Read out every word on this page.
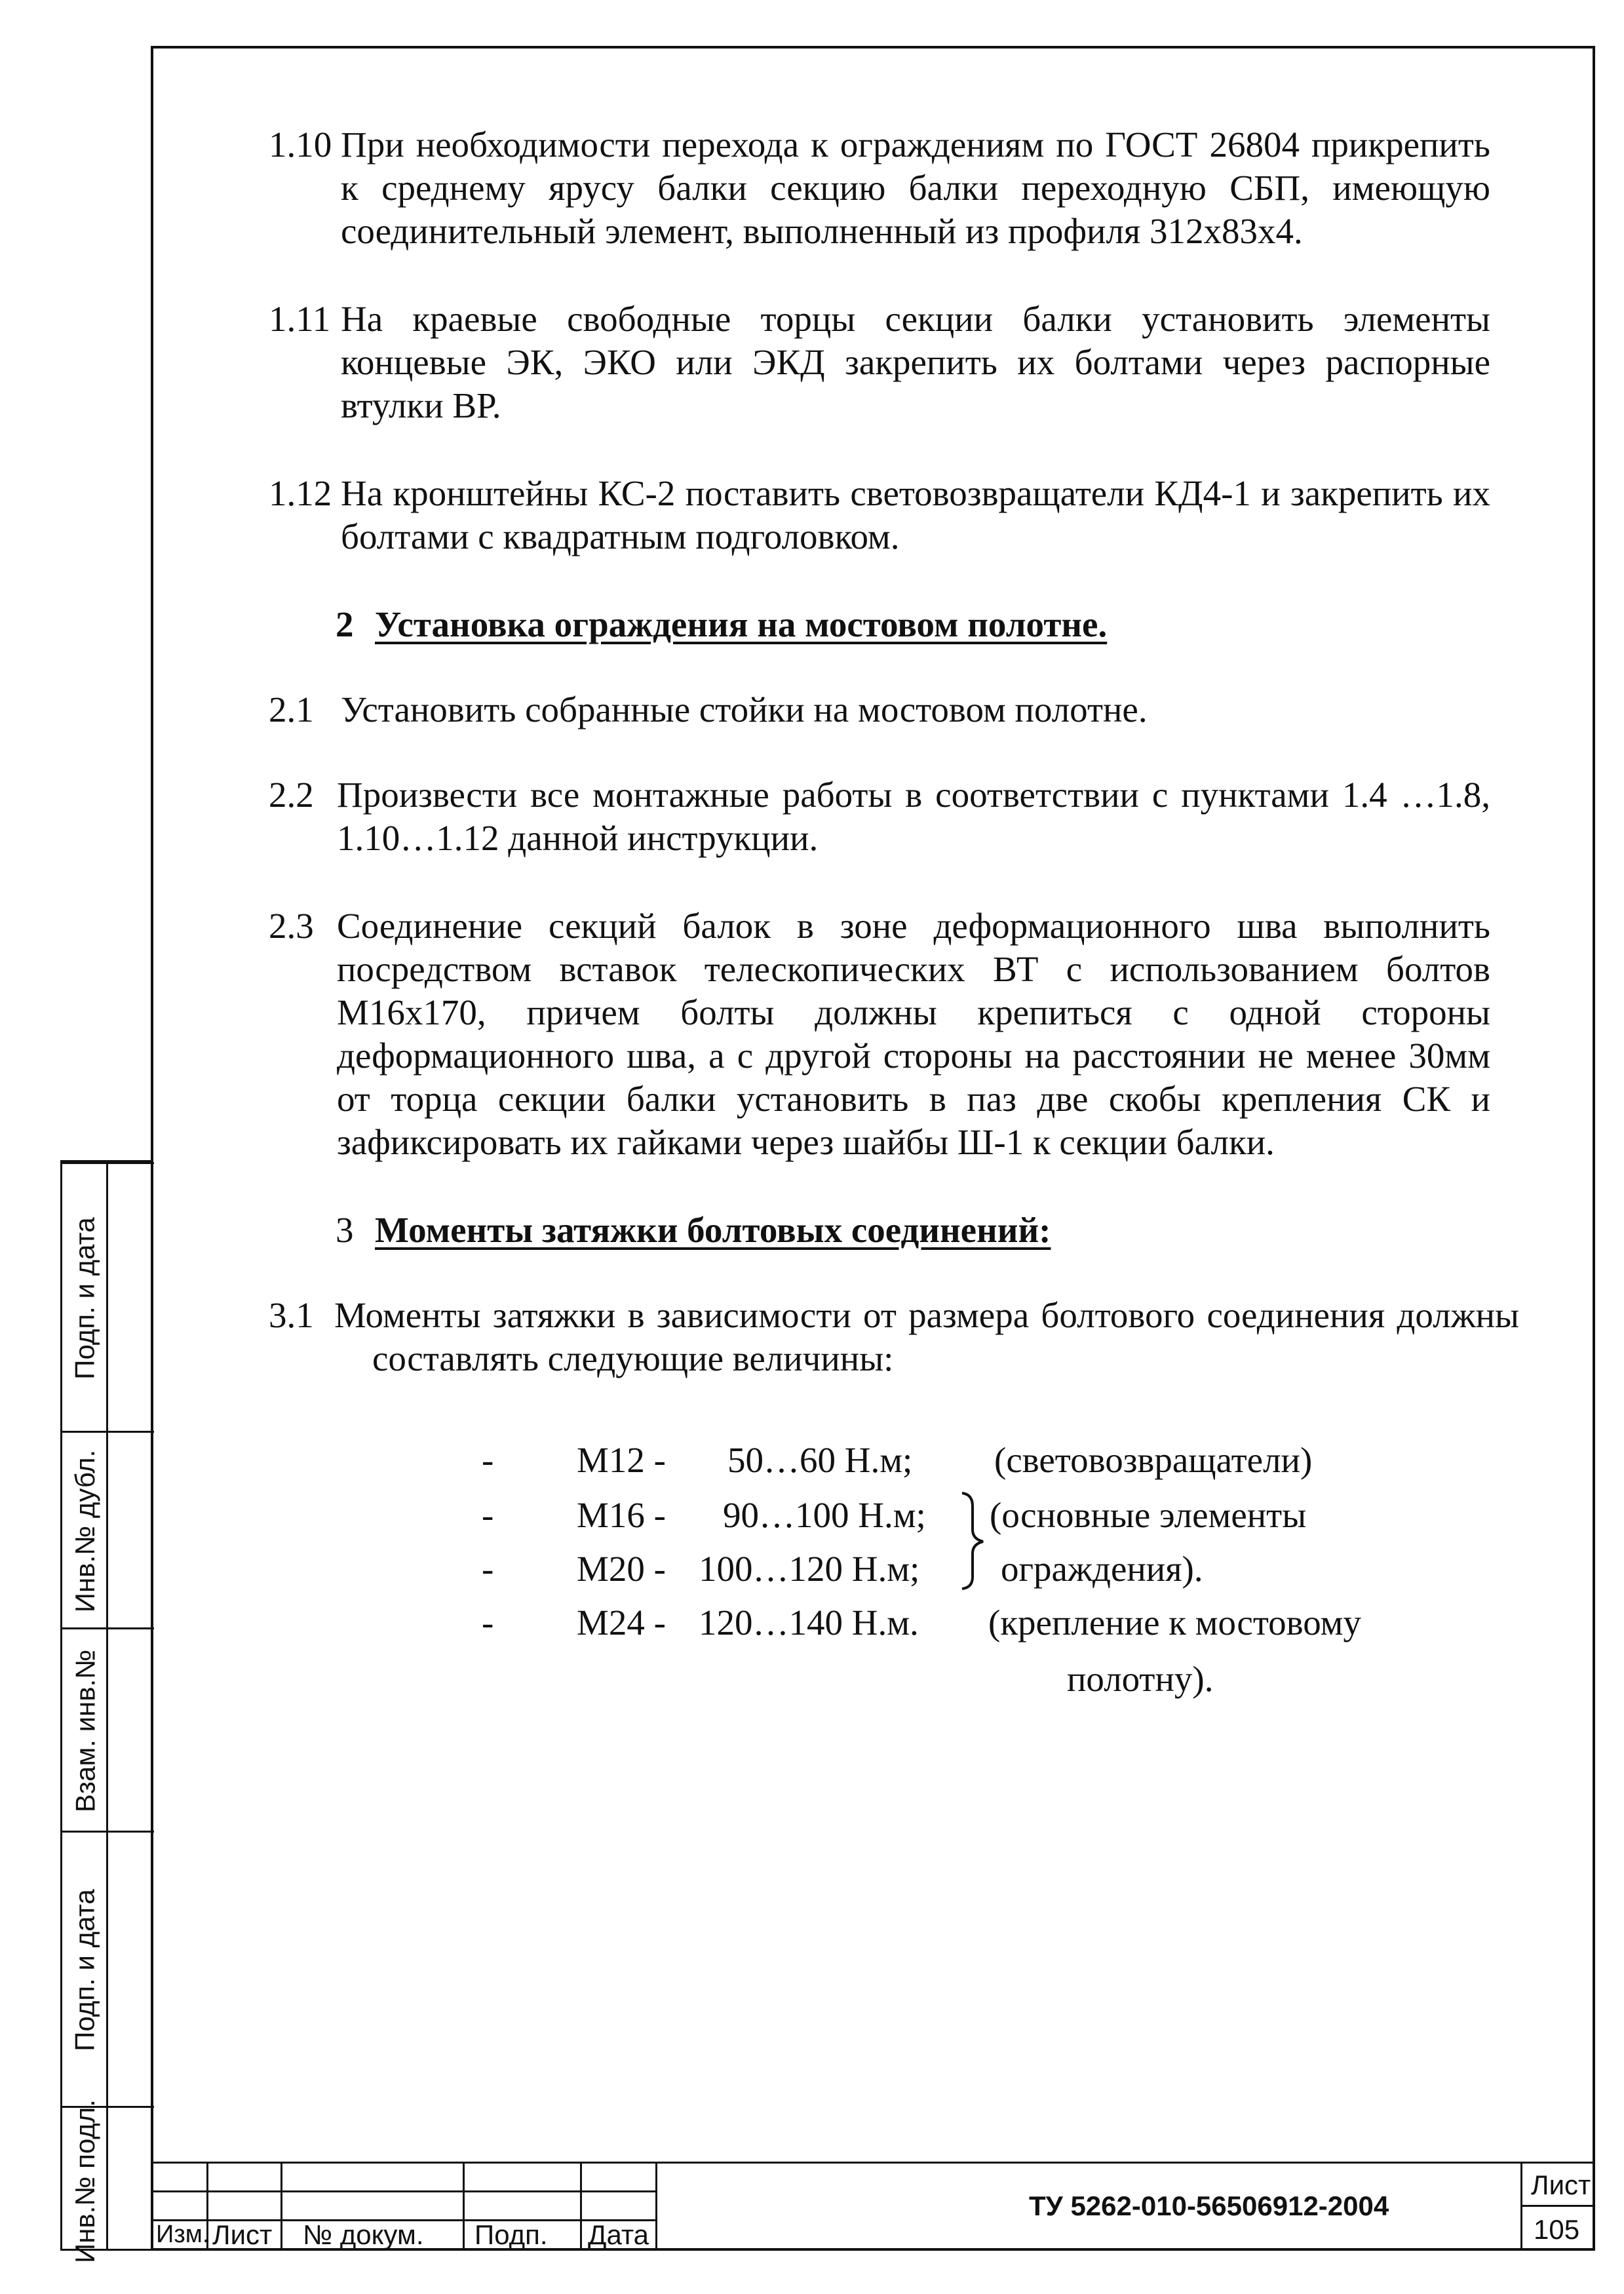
1.10 При необходимости перехода к ограждениям по ГОСТ 26804 прикрепить к среднему ярусу балки секцию балки переходную СБП, имеющую соединительный элемент, выполненный из профиля 312х83х4.
1.11 На краевые свободные торцы секции балки установить элементы концевые ЭК, ЭКО или ЭКД закрепить их болтами через распорные втулки ВР.
1.12 На кронштейны КС-2 поставить световозвращатели КД4-1 и закрепить их болтами с квадратным подголовком.
2 Установка ограждения на мостовом полотне.
2.1 Установить собранные стойки на мостовом полотне.
2.2 Произвести все монтажные работы в соответствии с пунктами 1.4 …1.8, 1.10…1.12 данной инструкции.
2.3 Соединение секций балок в зоне деформационного шва выполнить посредством вставок телескопических ВТ с использованием болтов М16х170, причем болты должны крепиться с одной стороны деформационного шва, а с другой стороны на расстоянии не менее 30мм от торца секции балки установить в паз две скобы крепления СК и зафиксировать их гайками через шайбы Ш-1 к секции балки.
3 Моменты затяжки болтовых соединений:
3.1 Моменты затяжки в зависимости от размера болтового соединения должны составлять следующие величины:
- М12 - 50…60 Н.м; (световозвращатели)
- М16 - 90…100 Н.м; (основные элементы
- М20 - 100…120 Н.м; ограждения).
- М24 - 120…140 Н.м. (крепление к мостовому
полотну).
Подп. и дата
Инв.№ дубл.
Взам. инв.№
Подп. и дата
Инв.№ подл. Изм. Лист № докум. Подп. Дата
ТУ 5262-010-56506912-2004
Лист
105
